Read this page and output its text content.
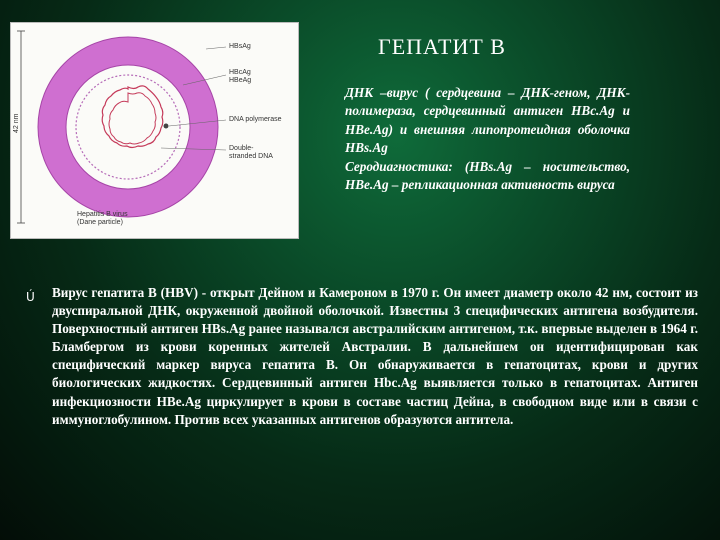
42 nm
HBsAg
HBcAg
HBeAg
DNA polymerase
Double-
stranded DNA
Hepatitis B virus
(Dane particle)
ГЕПАТИТ В

ДНК –вирус ( сердцевина – ДНК-геном, ДНК-полимераза, сердцевинный антиген HBc.Ag и HBe.Ag) и внешняя липопротеидная оболочка HBs.Ag

Серодиагностика: (HBs.Ag – носительство, HBe.Ag – репликационная активность вируса

Ú Вирус гепатита В (HBV) - открыт Дейном и Камероном в 1970 г. Он имеет диаметр около 42 нм, состоит из двуспиральной ДНК, окруженной двойной оболочкой. Известны 3 специфических антигена возбудителя. Поверхностный антиген HBs.Ag ранее назывался австралийским антигеном, т.к. впервые выделен в 1964 г. Бламбергом из крови коренных жителей Австралии. В дальнейшем он идентифицирован как специфический маркер вируса гепатита В. Он обнаруживается в гепатоцитах, крови и других биологических жидкостях. Сердцевинный антиген Hbc.Ag выявляется только в гепатоцитах. Антиген инфекциозности HBe.Ag циркулирует в крови в составе частиц Дейна, в свободном виде или в связи с иммуноглобулином. Против всех указанных антигенов образуются антитела.
